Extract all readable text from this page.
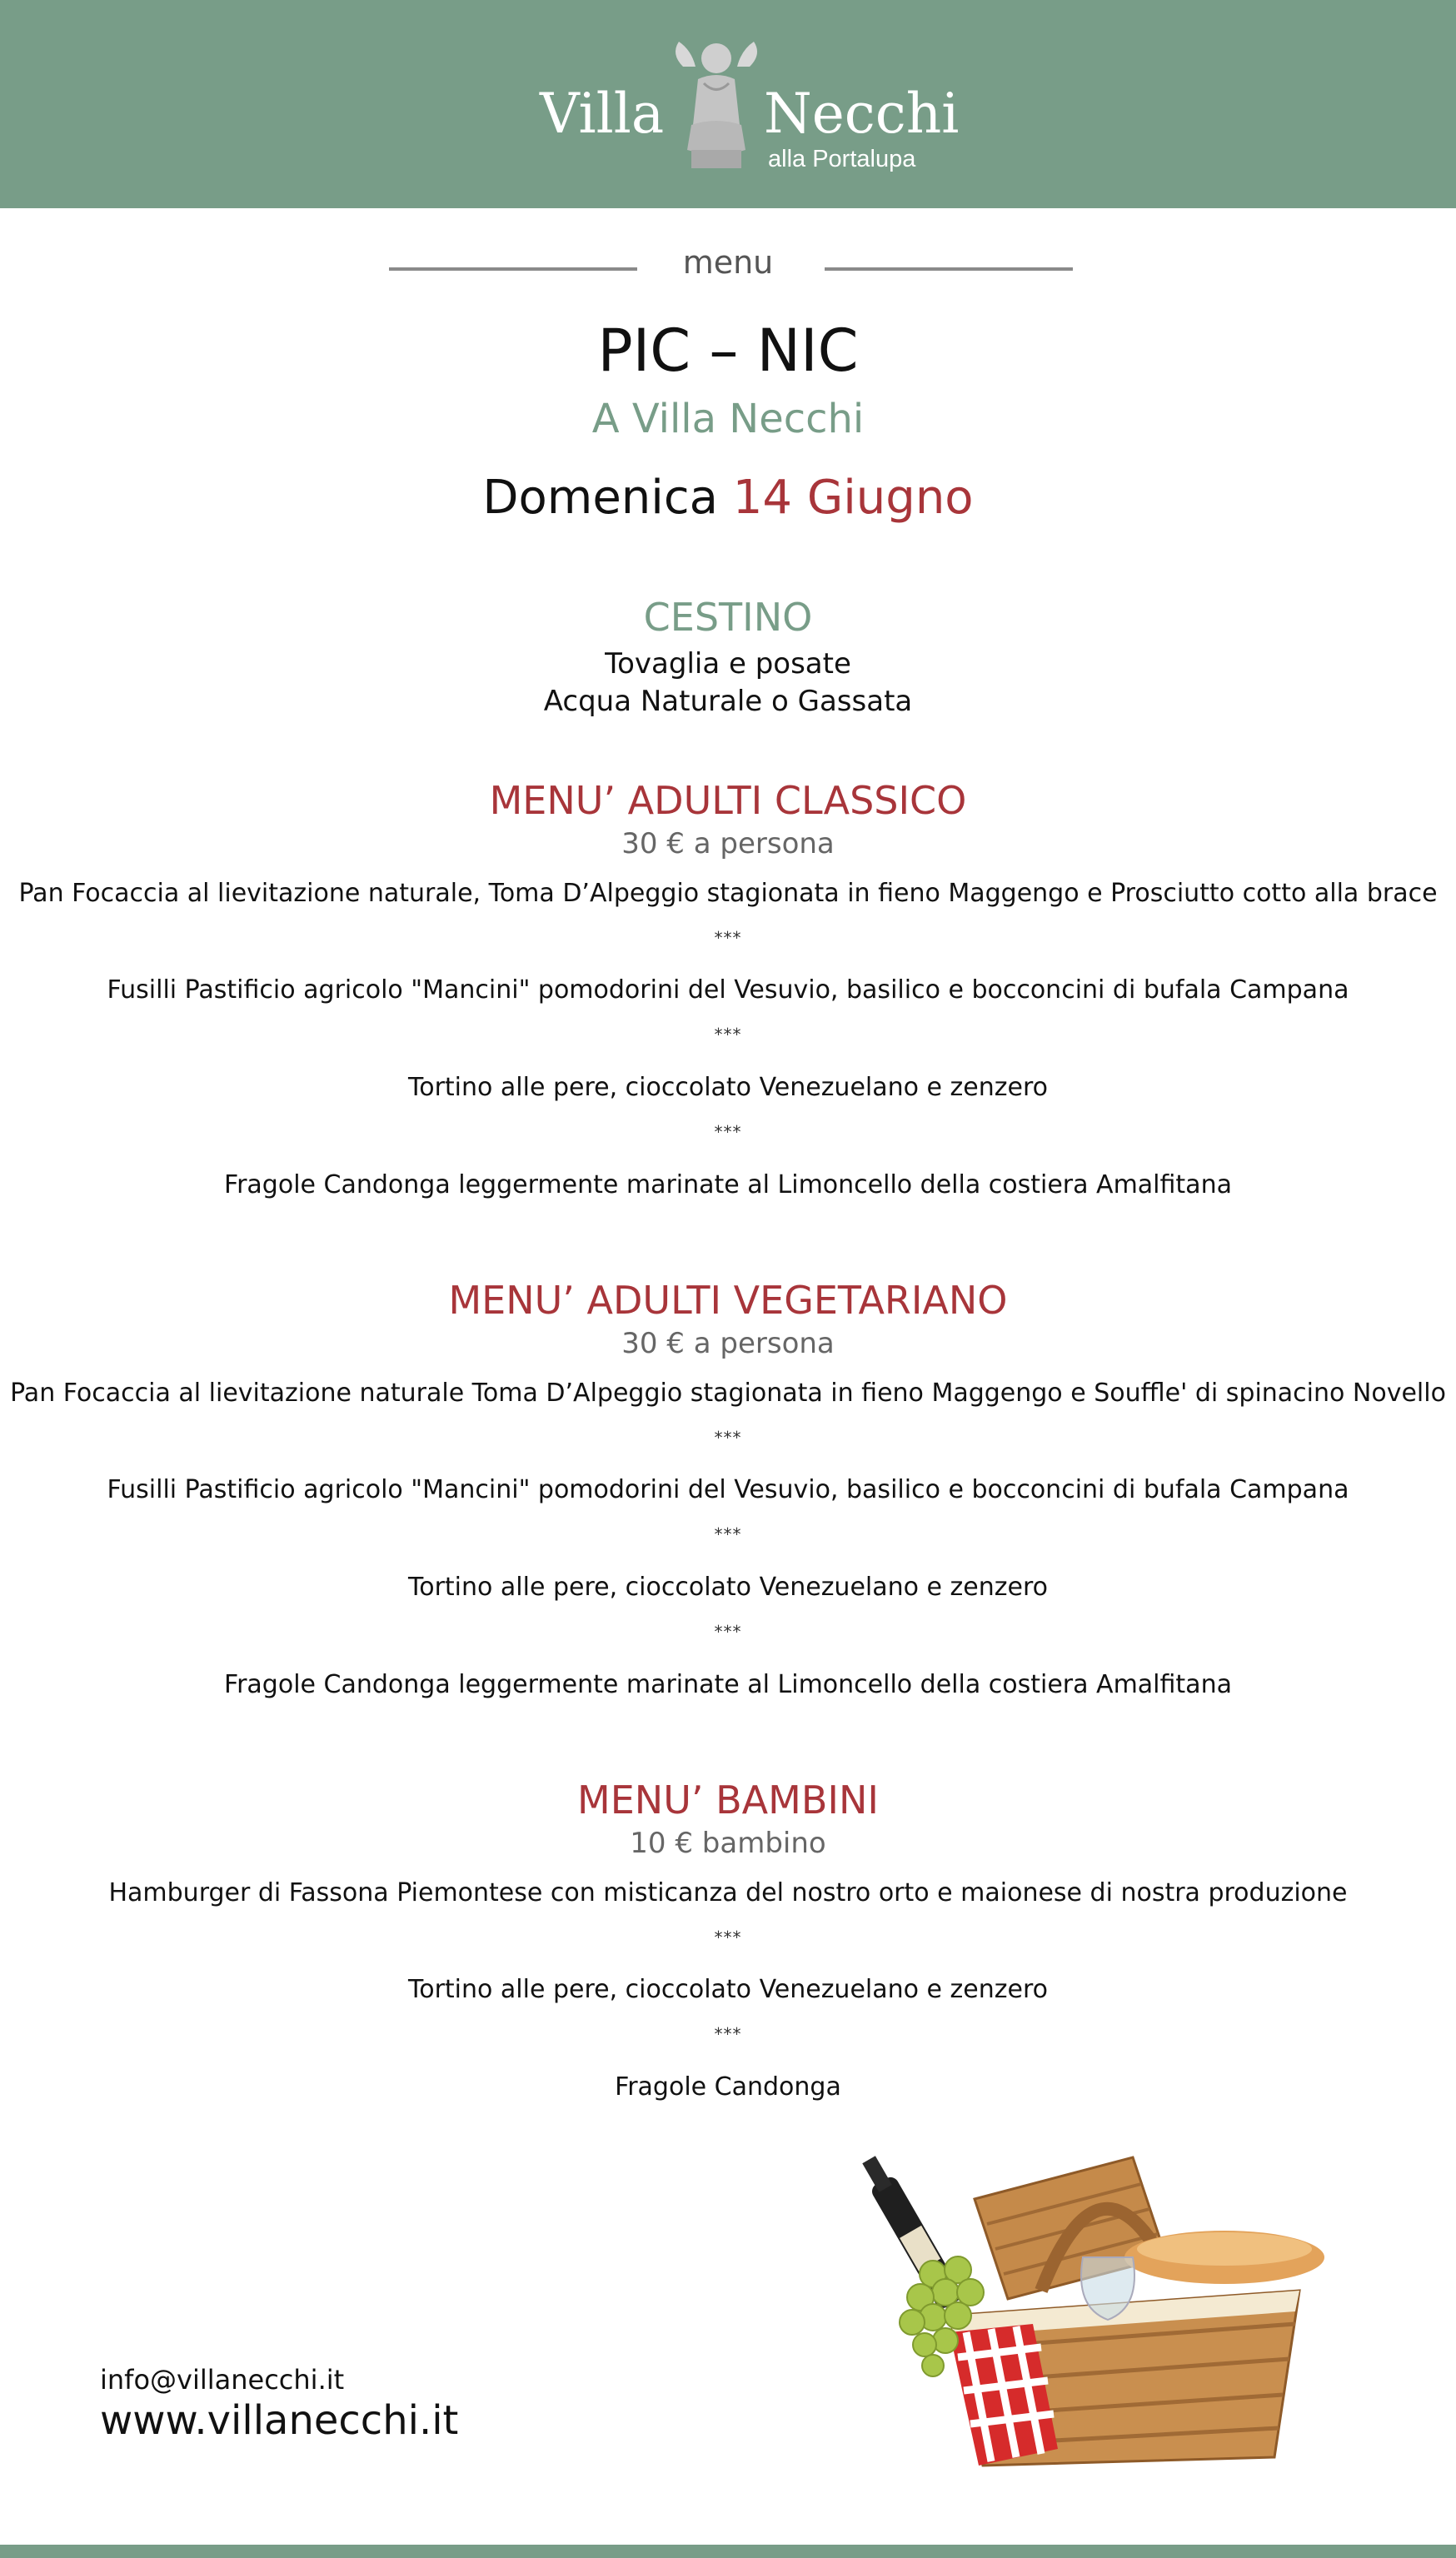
Villa Necchi
alla Portalupa
menu
PIC – NIC
A Villa Necchi
Domenica 14 Giugno
CESTINO
Tovaglia e posate
Acqua Naturale o Gassata
MENU’ ADULTI CLASSICO
30 € a persona
Pan Focaccia al lievitazione naturale, Toma D’Alpeggio stagionata in fieno Maggengo e Prosciutto cotto alla brace
***
Fusilli Pastificio agricolo "Mancini" pomodorini del Vesuvio, basilico e bocconcini di bufala Campana
***
Tortino alle pere, cioccolato Venezuelano e zenzero
***
Fragole Candonga leggermente marinate al Limoncello della costiera Amalfitana
MENU’ ADULTI VEGETARIANO
30 € a persona
Pan Focaccia al lievitazione naturale Toma D’Alpeggio stagionata in fieno Maggengo e Souffle' di spinacino Novello
***
Fusilli Pastificio agricolo "Mancini" pomodorini del Vesuvio, basilico e bocconcini di bufala Campana
***
Tortino alle pere, cioccolato Venezuelano e zenzero
***
Fragole Candonga leggermente marinate al Limoncello della costiera Amalfitana
MENU’ BAMBINI
10 € bambino
Hamburger di Fassona Piemontese con misticanza del nostro orto e maionese di nostra produzione
***
Tortino alle pere, cioccolato Venezuelano e zenzero
***
Fragole Candonga
info@villanecchi.it
www.villanecchi.it
